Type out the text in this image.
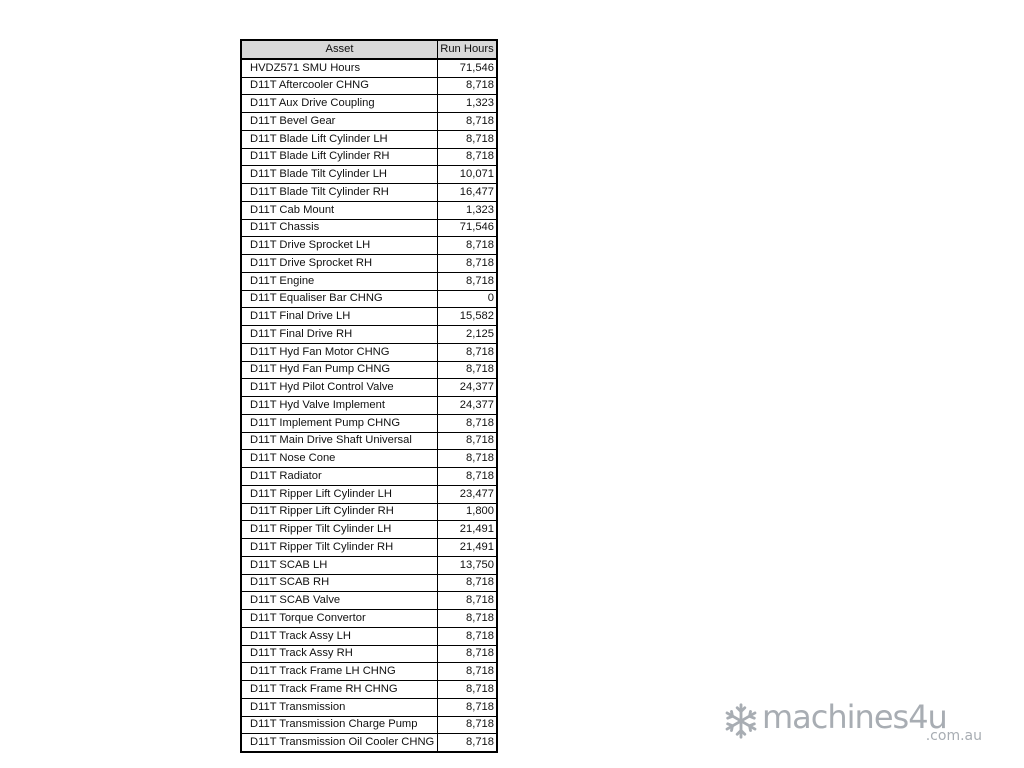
Asset	Run Hours
HVDZ571 SMU Hours	71,546
D11T Aftercooler CHNG	8,718
D11T Aux Drive Coupling	1,323
D11T Bevel Gear	8,718
D11T Blade Lift Cylinder LH	8,718
D11T Blade Lift Cylinder RH	8,718
D11T Blade Tilt Cylinder LH	10,071
D11T Blade Tilt Cylinder RH	16,477
D11T Cab Mount	1,323
D11T Chassis	71,546
D11T Drive Sprocket LH	8,718
D11T Drive Sprocket RH	8,718
D11T Engine	8,718
D11T Equaliser Bar CHNG	0
D11T Final Drive LH	15,582
D11T Final Drive RH	2,125
D11T Hyd Fan Motor CHNG	8,718
D11T Hyd Fan Pump CHNG	8,718
D11T Hyd Pilot Control Valve	24,377
D11T Hyd Valve Implement	24,377
D11T Implement Pump CHNG	8,718
D11T Main Drive Shaft Universal	8,718
D11T Nose Cone	8,718
D11T Radiator	8,718
D11T Ripper Lift Cylinder LH	23,477
D11T Ripper Lift Cylinder RH	1,800
D11T Ripper Tilt Cylinder LH	21,491
D11T Ripper Tilt Cylinder RH	21,491
D11T SCAB LH	13,750
D11T SCAB RH	8,718
D11T SCAB Valve	8,718
D11T Torque Convertor	8,718
D11T Track Assy LH	8,718
D11T Track Assy RH	8,718
D11T Track Frame LH CHNG	8,718
D11T Track Frame RH CHNG	8,718
D11T Transmission	8,718
D11T Transmission Charge Pump	8,718
D11T Transmission Oil Cooler CHNG	8,718
machines4u
.com.au
